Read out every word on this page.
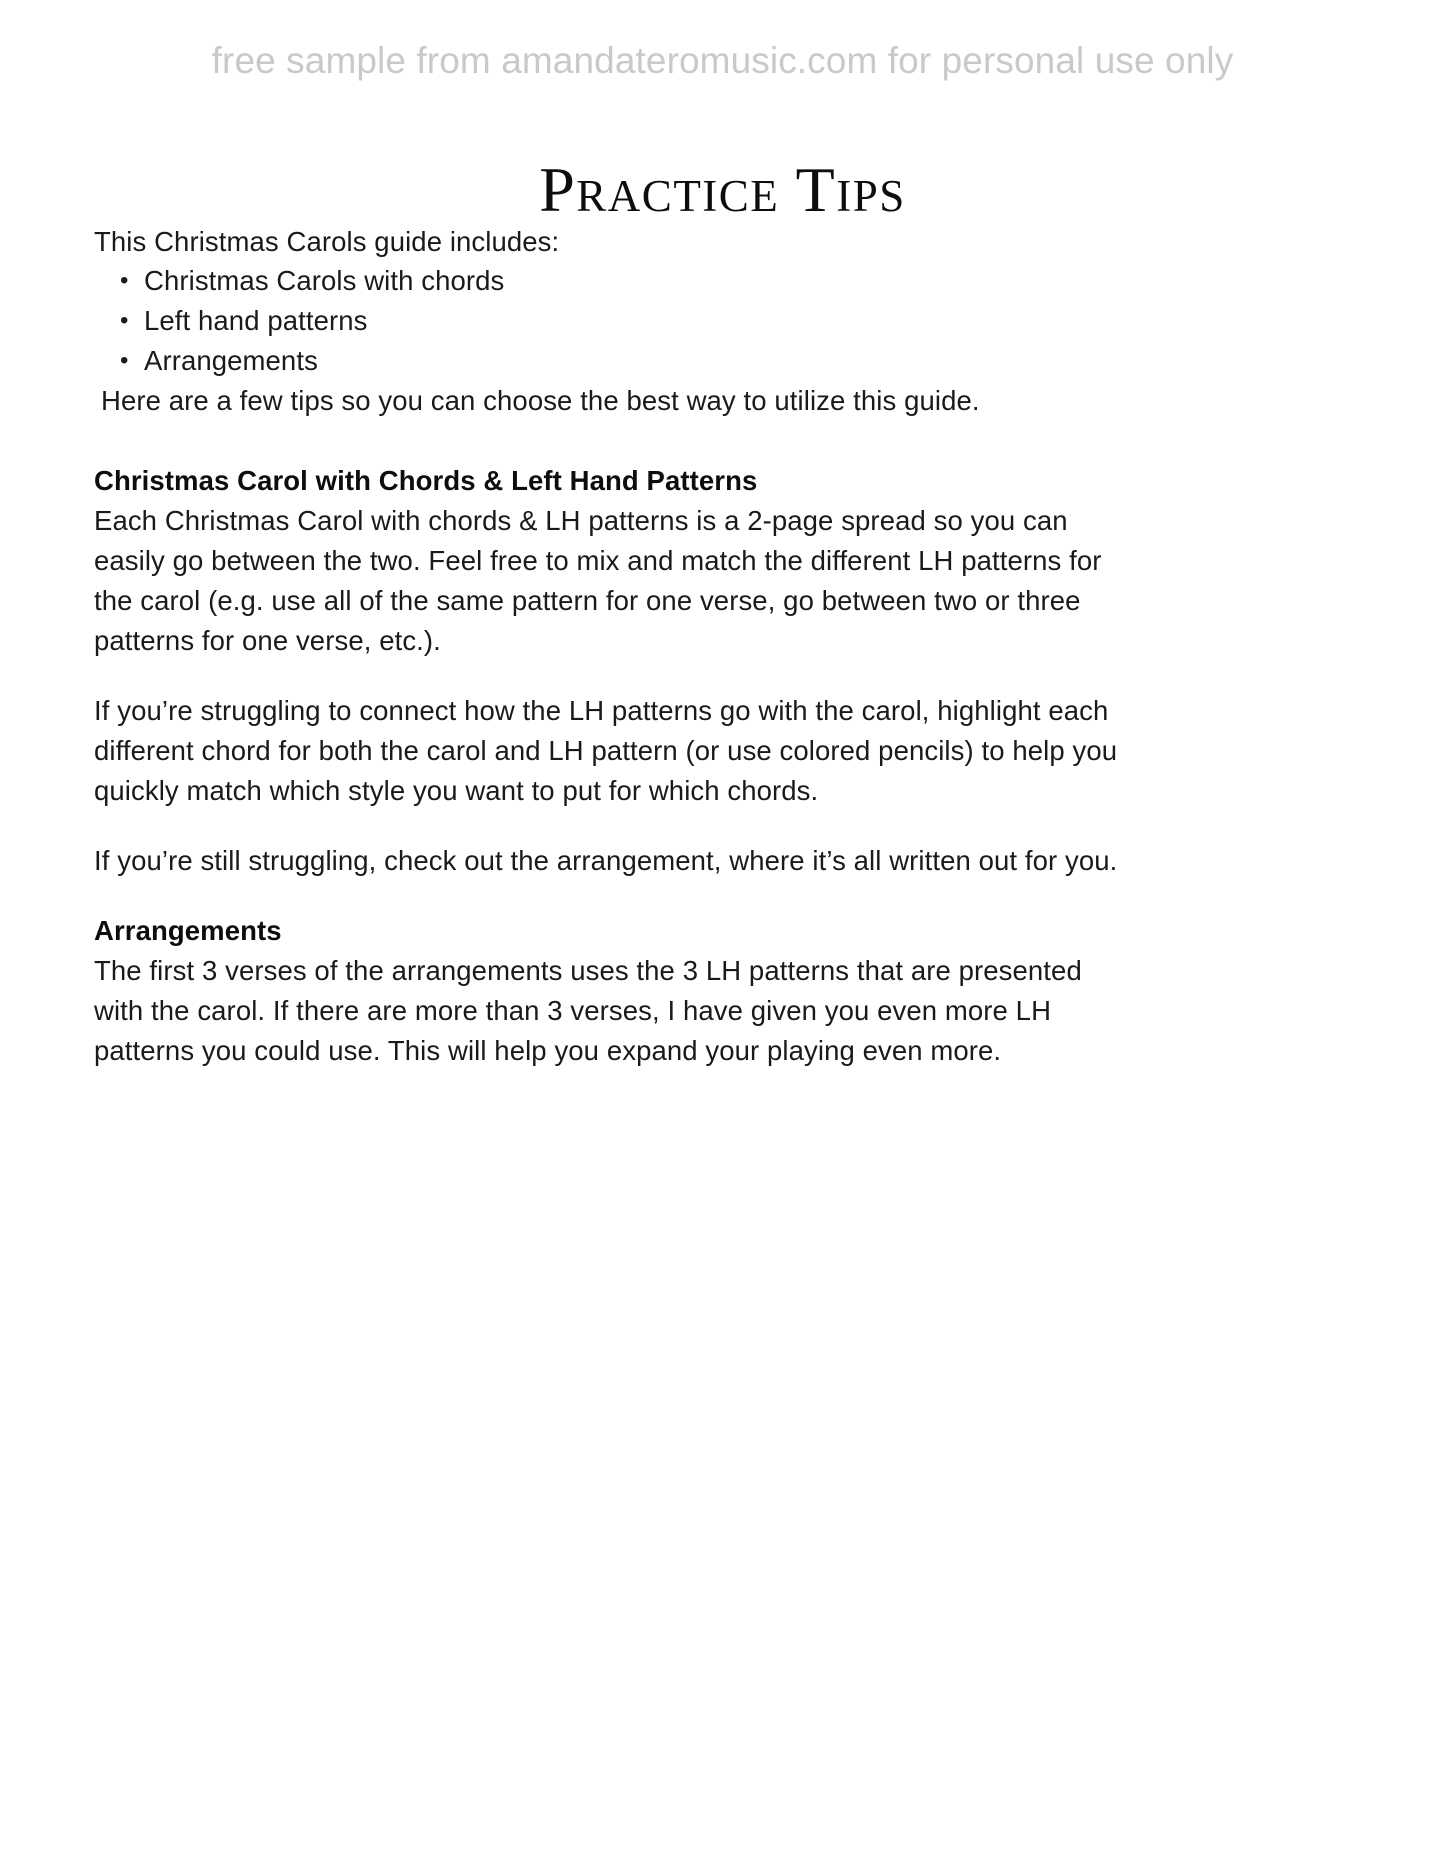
free sample from amandateromusic.com for personal use only
Practice Tips

This Christmas Carols guide includes:

• Christmas Carols with chords
• Left hand patterns
• Arrangements

Here are a few tips so you can choose the best way to utilize this guide.

Christmas Carol with Chords & Left Hand Patterns

Each Christmas Carol with chords & LH patterns is a 2-page spread so you can easily go between the two. Feel free to mix and match the different LH patterns for the carol (e.g. use all of the same pattern for one verse, go between two or three patterns for one verse, etc.).

If you’re struggling to connect how the LH patterns go with the carol, highlight each different chord for both the carol and LH pattern (or use colored pencils) to help you quickly match which style you want to put for which chords.

If you’re still struggling, check out the arrangement, where it’s all written out for you.

Arrangements

The first 3 verses of the arrangements uses the 3 LH patterns that are presented with the carol. If there are more than 3 verses, I have given you even more LH patterns you could use. This will help you expand your playing even more.
